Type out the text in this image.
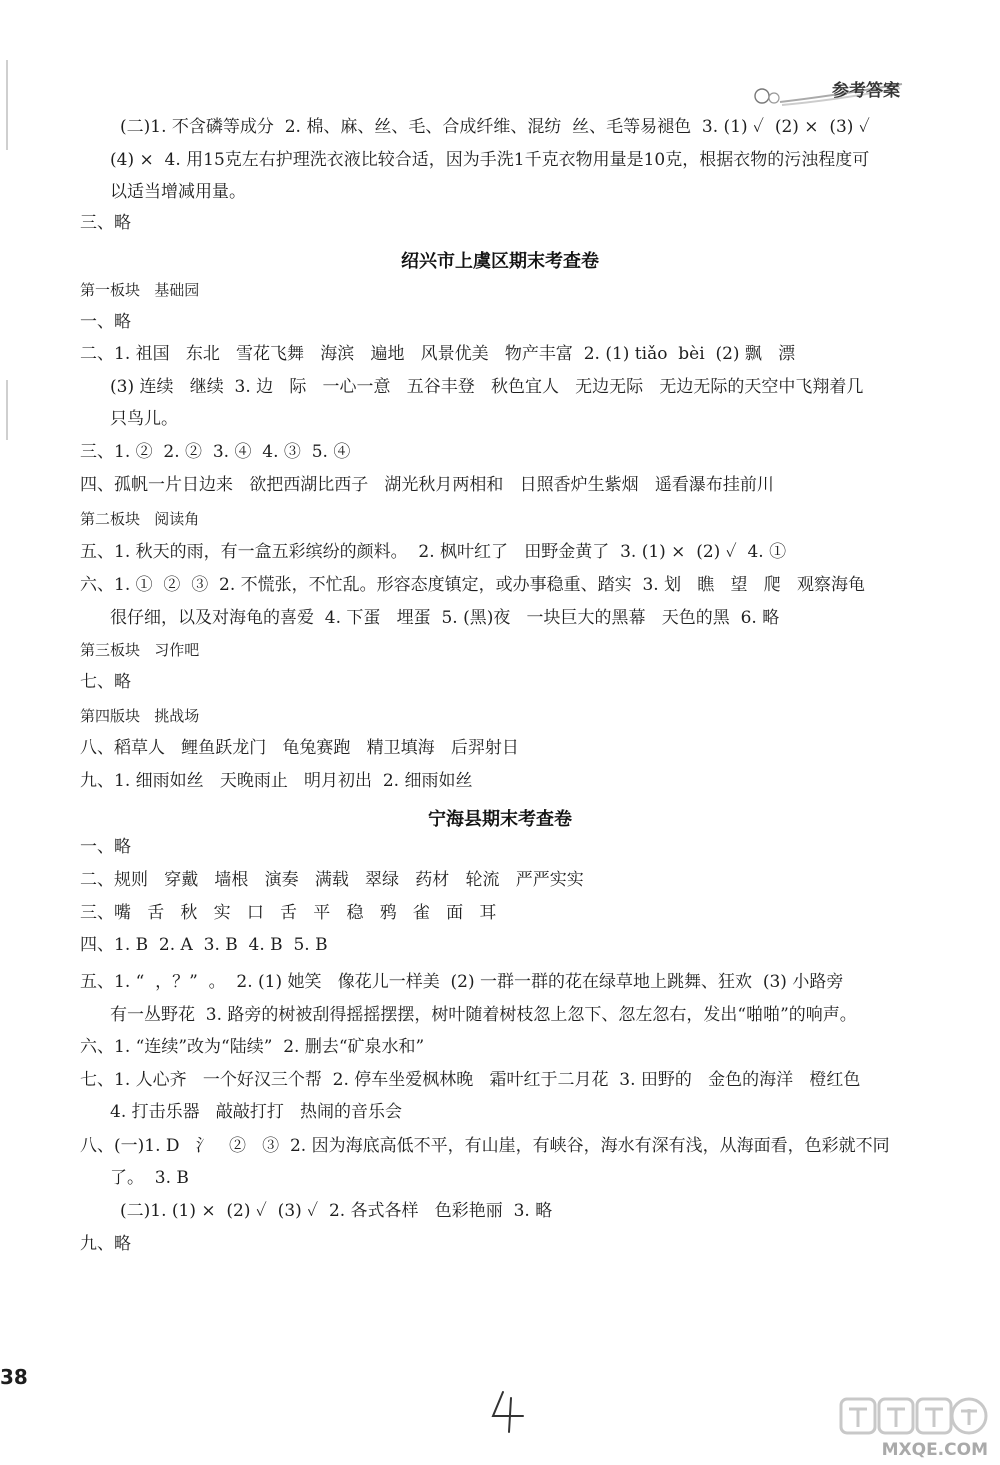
参考答案
(二)1. 不含磷等成分  2. 棉、麻、丝、毛、合成纤维、混纺  丝、毛等易褪色  3. (1) ✓  (2) ×  (3) ✓
(4) ×  4. 用15克左右护理洗衣液比较合适，因为手洗1千克衣物用量是10克，根据衣物的污浊程度可
以适当增减用量。
三、略
绍兴市上虞区期末考查卷
第一板块   基础园
一、略
二、1. 祖国   东北   雪花飞舞   海滨   遍地   风景优美   物产丰富  2. (1) tiǎo  bèi  (2) 飘   漂
(3) 连续   继续  3. 边   际   一心一意   五谷丰登   秋色宜人   无边无际   无边无际的天空中飞翔着几
只鸟儿。
三、1. ②  2. ②  3. ④  4. ③  5. ④
四、孤帆一片日边来   欲把西湖比西子   湖光秋月两相和   日照香炉生紫烟   遥看瀑布挂前川
第二板块   阅读角
五、1. 秋天的雨，有一盒五彩缤纷的颜料。  2. 枫叶红了   田野金黄了  3. (1) ×  (2) ✓  4. ①
六、1. ①  ②  ③  2. 不慌张，不忙乱。形容态度镇定，或办事稳重、踏实  3. 划   瞧   望   爬   观察海龟
很仔细，以及对海龟的喜爱  4. 下蛋   埋蛋  5. (黑)夜   一块巨大的黑幕   天色的黑  6. 略
第三板块   习作吧
七、略
第四版块   挑战场
八、稻草人   鲤鱼跃龙门   龟兔赛跑   精卫填海   后羿射日
九、1. 细雨如丝   天晚雨止   明月初出  2. 细雨如丝
宁海县期末考查卷
一、略
二、规则   穿戴   墙根   演奏   满载   翠绿   药材   轮流   严严实实
三、嘴   舌   秋   实   口   舌   平   稳   鸦   雀   面   耳
四、1. B  2. A  3. B  4. B  5. B
五、1. “  ，？”  。  2. (1) 她笑   像花儿一样美  (2) 一群一群的花在绿草地上跳舞、狂欢  (3) 小路旁
有一丛野花  3. 路旁的树被刮得摇摇摆摆，树叶随着树枝忽上忽下、忽左忽右，发出“啪啪”的响声。
六、1. “连续”改为“陆续”  2. 删去“矿泉水和”
七、1. 人心齐   一个好汉三个帮  2. 停车坐爱枫林晚   霜叶红于二月花  3. 田野的   金色的海洋   橙红色
4. 打击乐器   敲敲打打   热闹的音乐会
八、(一)1. D   氵   ②   ③  2. 因为海底高低不平，有山崖，有峡谷，海水有深有浅，从海面看，色彩就不同
了。  3. B
(二)1. (1) ×  (2) ✓  (3) ✓  2. 各式各样   色彩艳丽  3. 略
九、略
38
MXQE.COM
